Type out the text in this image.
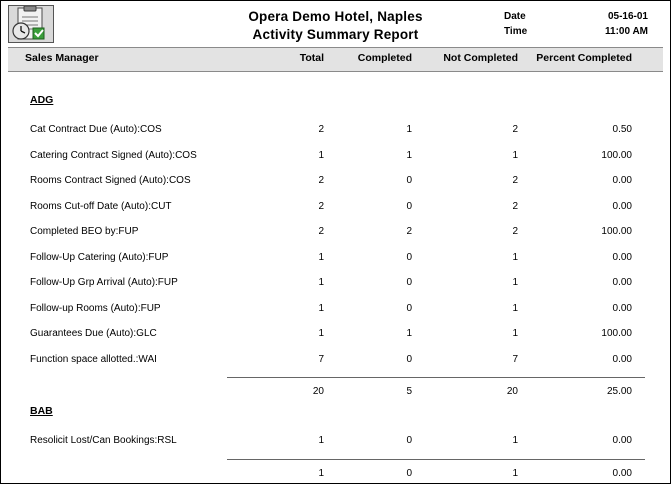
Opera Demo Hotel, Naples
Activity Summary Report
Date	05-16-01
Time	11:00 AM
Sales Manager	Total	Completed	Not Completed	Percent Completed
ADG
Cat Contract Due (Auto):COS	2	1	2	0.50
Catering Contract Signed (Auto):COS	1	1	1	100.00
Rooms Contract Signed (Auto):COS	2	0	2	0.00
Rooms Cut-off Date (Auto):CUT	2	0	2	0.00
Completed BEO by:FUP	2	2	2	100.00
Follow-Up Catering (Auto):FUP	1	0	1	0.00
Follow-Up Grp Arrival (Auto):FUP	1	0	1	0.00
Follow-up Rooms (Auto):FUP	1	0	1	0.00
Guarantees Due (Auto):GLC	1	1	1	100.00
Function space allotted.:WAI	7	0	7	0.00
20	5	20	25.00
BAB
Resolicit Lost/Can Bookings:RSL	1	0	1	0.00
1	0	1	0.00
